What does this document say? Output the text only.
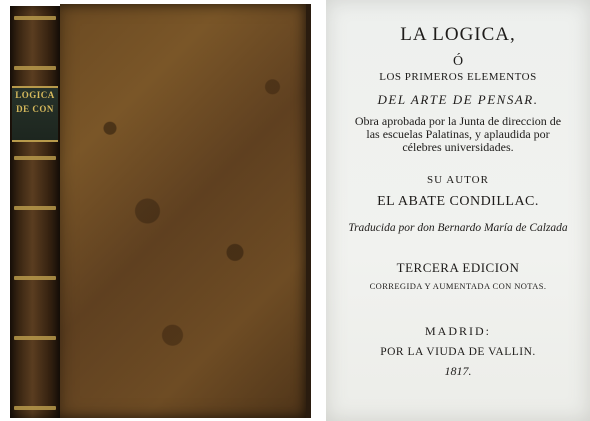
LOGICA
DE CON
LA LOGICA,
Ó
LOS PRIMEROS ELEMENTOS
DEL ARTE DE PENSAR.
Obra aprobada por la Junta de direccion de las escuelas Palatinas, y aplaudida por célebres universidades.
SU AUTOR
EL ABATE CONDILLAC.
Traducida por don Bernardo María de Calzada
TERCERA EDICION
CORREGIDA Y AUMENTADA CON NOTAS.
MADRID:
POR LA VIUDA DE VALLIN.
1817.
